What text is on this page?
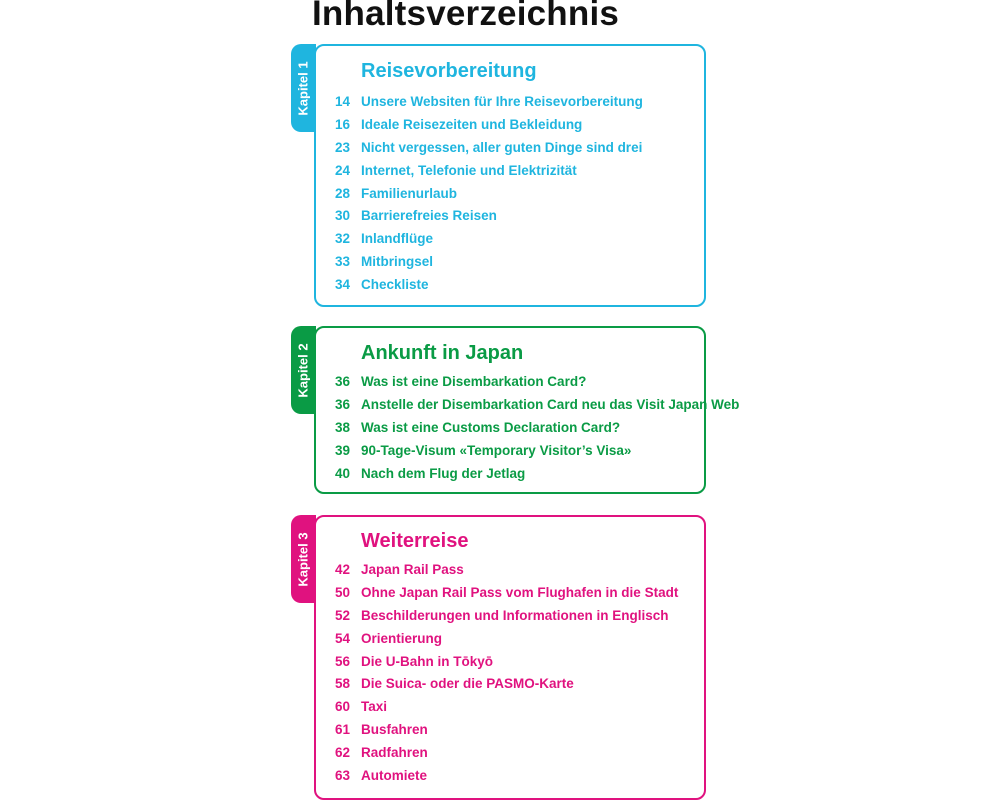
Inhaltsverzeichnis
Kapitel 1	Reisevorbereitung
14 Unsere Websiten für Ihre Reisevorbereitung
16 Ideale Reisezeiten und Bekleidung
23 Nicht vergessen, aller guten Dinge sind drei
24 Internet, Telefonie und Elektrizität
28 Familienurlaub
30 Barrierefreies Reisen
32 Inlandflüge
33 Mitbringsel
34 Checkliste
Kapitel 2	Ankunft in Japan
36 Was ist eine Disembarkation Card?
36 Anstelle der Disembarkation Card neu das Visit Japan Web
38 Was ist eine Customs Declaration Card?
39 90-Tage-Visum «Temporary Visitor’s Visa»
40 Nach dem Flug der Jetlag
Kapitel 3	Weiterreise
42 Japan Rail Pass
50 Ohne Japan Rail Pass vom Flughafen in die Stadt
52 Beschilderungen und Informationen in Englisch
54 Orientierung
56 Die U-Bahn in Tōkyō
58 Die Suica- oder die PASMO-Karte
60 Taxi
61 Busfahren
62 Radfahren
63 Automiete
